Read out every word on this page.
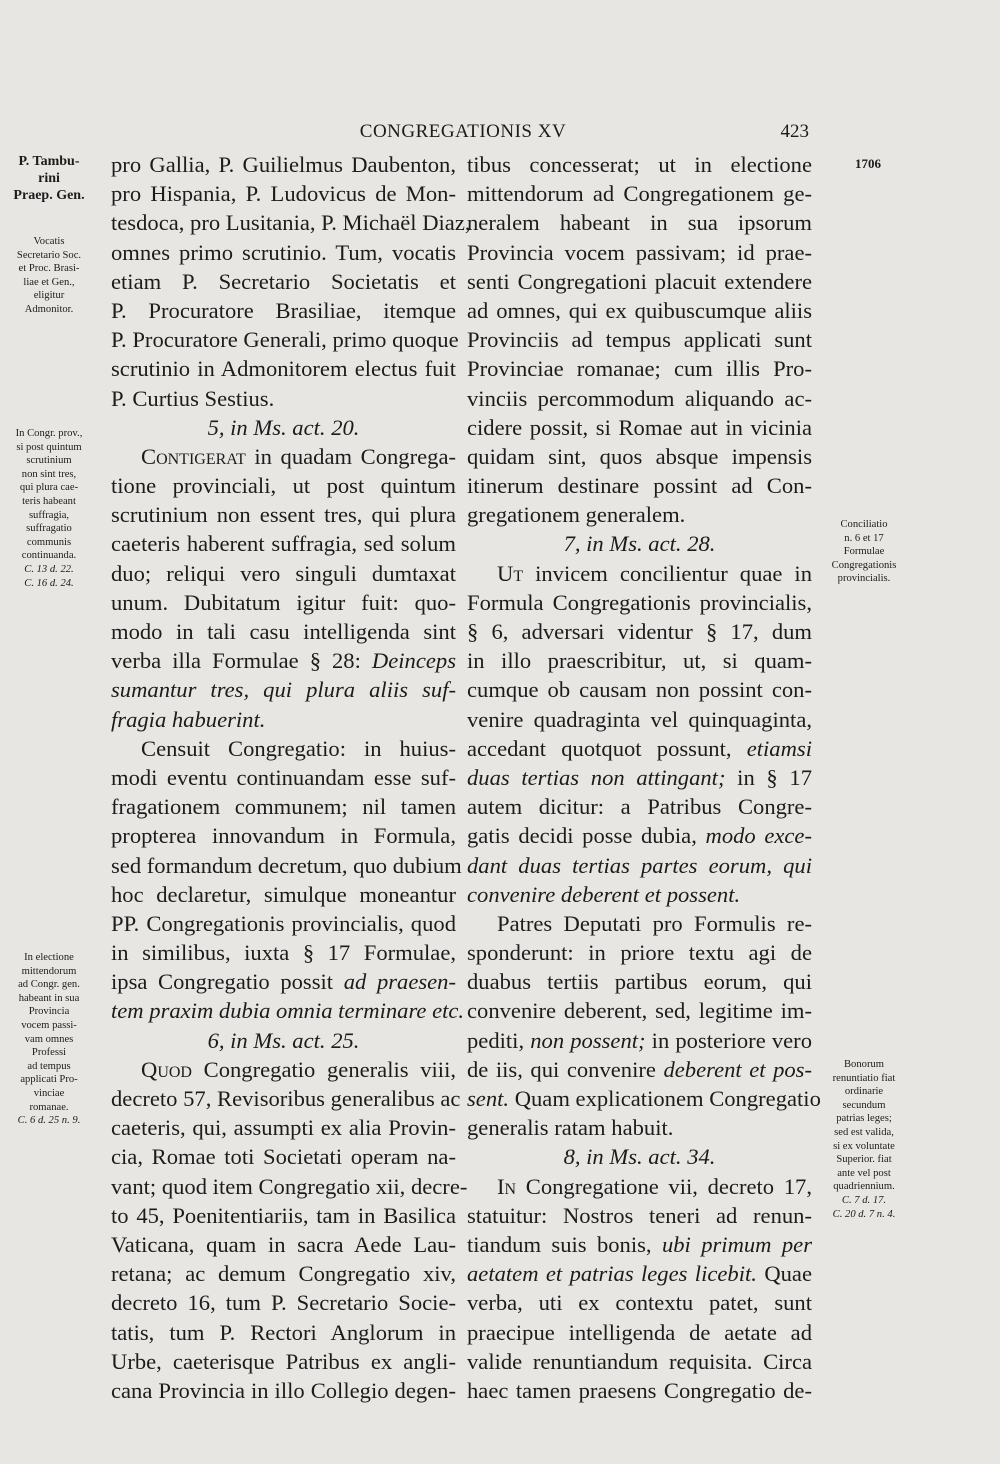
CONGREGATIONIS XV	423
P. Tambu-
rini
Praep. Gen.
Vocatis
Secretario Soc.
et Proc. Brasi-
liae et Gen.,
eligitur
Admonitor.
In Congr. prov.,
si post quintum
scrutinium
non sint tres,
qui plura cae-
teris habeant
suffragia,
suffragatio
communis
continuanda.
C. 13 d. 22.
C. 16 d. 24.
In electione
mittendorum
ad Congr. gen.
habeant in sua
Provincia
vocem passi-
vam omnes
Professi
ad tempus
applicati Pro-
vinciae
romanae.
C. 6 d. 25 n. 9.
1706
Conciliatio
n. 6 et 17
Formulae
Congregationis
provincialis.
Bonorum
renuntiatio fiat
ordinarie
secundum
patrias leges;
sed est valida,
si ex voluntate
Superior. fiat
ante vel post
quadriennium.
C. 7 d. 17.
C. 20 d. 7 n. 4.
pro Gallia, P. Guilielmus Daubenton,
pro Hispania, P. Ludovicus de Mon-
tesdoca, pro Lusitania, P. Michaël Diaz,
omnes primo scrutinio. Tum, vocatis
etiam P. Secretario Societatis et
P. Procuratore Brasiliae, itemque
P. Procuratore Generali, primo quoque
scrutinio in Admonitorem electus fuit
P. Curtius Sestius.
5, in Ms. act. 20.
Contigerat in quadam Congrega-
tione provinciali, ut post quintum
scrutinium non essent tres, qui plura
caeteris haberent suffragia, sed solum
duo; reliqui vero singuli dumtaxat
unum. Dubitatum igitur fuit: quo-
modo in tali casu intelligenda sint
verba illa Formulae § 28: Deinceps
sumantur tres, qui plura aliis suf-
fragia habuerint.
Censuit Congregatio: in huius-
modi eventu continuandam esse suf-
fragationem communem; nil tamen
propterea innovandum in Formula,
sed formandum decretum, quo dubium
hoc declaretur, simulque moneantur
PP. Congregationis provincialis, quod
in similibus, iuxta § 17 Formulae,
ipsa Congregatio possit ad praesen-
tem praxim dubia omnia terminare etc.
6, in Ms. act. 25.
Quod Congregatio generalis viii,
decreto 57, Revisoribus generalibus ac
caeteris, qui, assumpti ex alia Provin-
cia, Romae toti Societati operam na-
vant; quod item Congregatio xii, decre-
to 45, Poenitentiariis, tam in Basilica
Vaticana, quam in sacra Aede Lau-
retana; ac demum Congregatio xiv,
decreto 16, tum P. Secretario Socie-
tatis, tum P. Rectori Anglorum in
Urbe, caeterisque Patribus ex angli-
cana Provincia in illo Collegio degen-
tibus concesserat; ut in electione
mittendorum ad Congregationem ge-
neralem habeant in sua ipsorum
Provincia vocem passivam; id prae-
senti Congregationi placuit extendere
ad omnes, qui ex quibuscumque aliis
Provinciis ad tempus applicati sunt
Provinciae romanae; cum illis Pro-
vinciis percommodum aliquando ac-
cidere possit, si Romae aut in vicinia
quidam sint, quos absque impensis
itinerum destinare possint ad Con-
gregationem generalem.
7, in Ms. act. 28.
Ut invicem concilientur quae in
Formula Congregationis provincialis,
§ 6, adversari videntur § 17, dum
in illo praescribitur, ut, si quam-
cumque ob causam non possint con-
venire quadraginta vel quinquaginta,
accedant quotquot possunt, etiamsi
duas tertias non attingant; in § 17
autem dicitur: a Patribus Congre-
gatis decidi posse dubia, modo exce-
dant duas tertias partes eorum, qui
convenire deberent et possent.
Patres Deputati pro Formulis re-
sponderunt: in priore textu agi de
duabus tertiis partibus eorum, qui
convenire deberent, sed, legitime im-
pediti, non possent; in posteriore vero
de iis, qui convenire deberent et pos-
sent. Quam explicationem Congregatio
generalis ratam habuit.
8, in Ms. act. 34.
In Congregatione vii, decreto 17,
statuitur: Nostros teneri ad renun-
tiandum suis bonis, ubi primum per
aetatem et patrias leges licebit. Quae
verba, uti ex contextu patet, sunt
praecipue intelligenda de aetate ad
valide renuntiandum requisita. Circa
haec tamen praesens Congregatio de-
